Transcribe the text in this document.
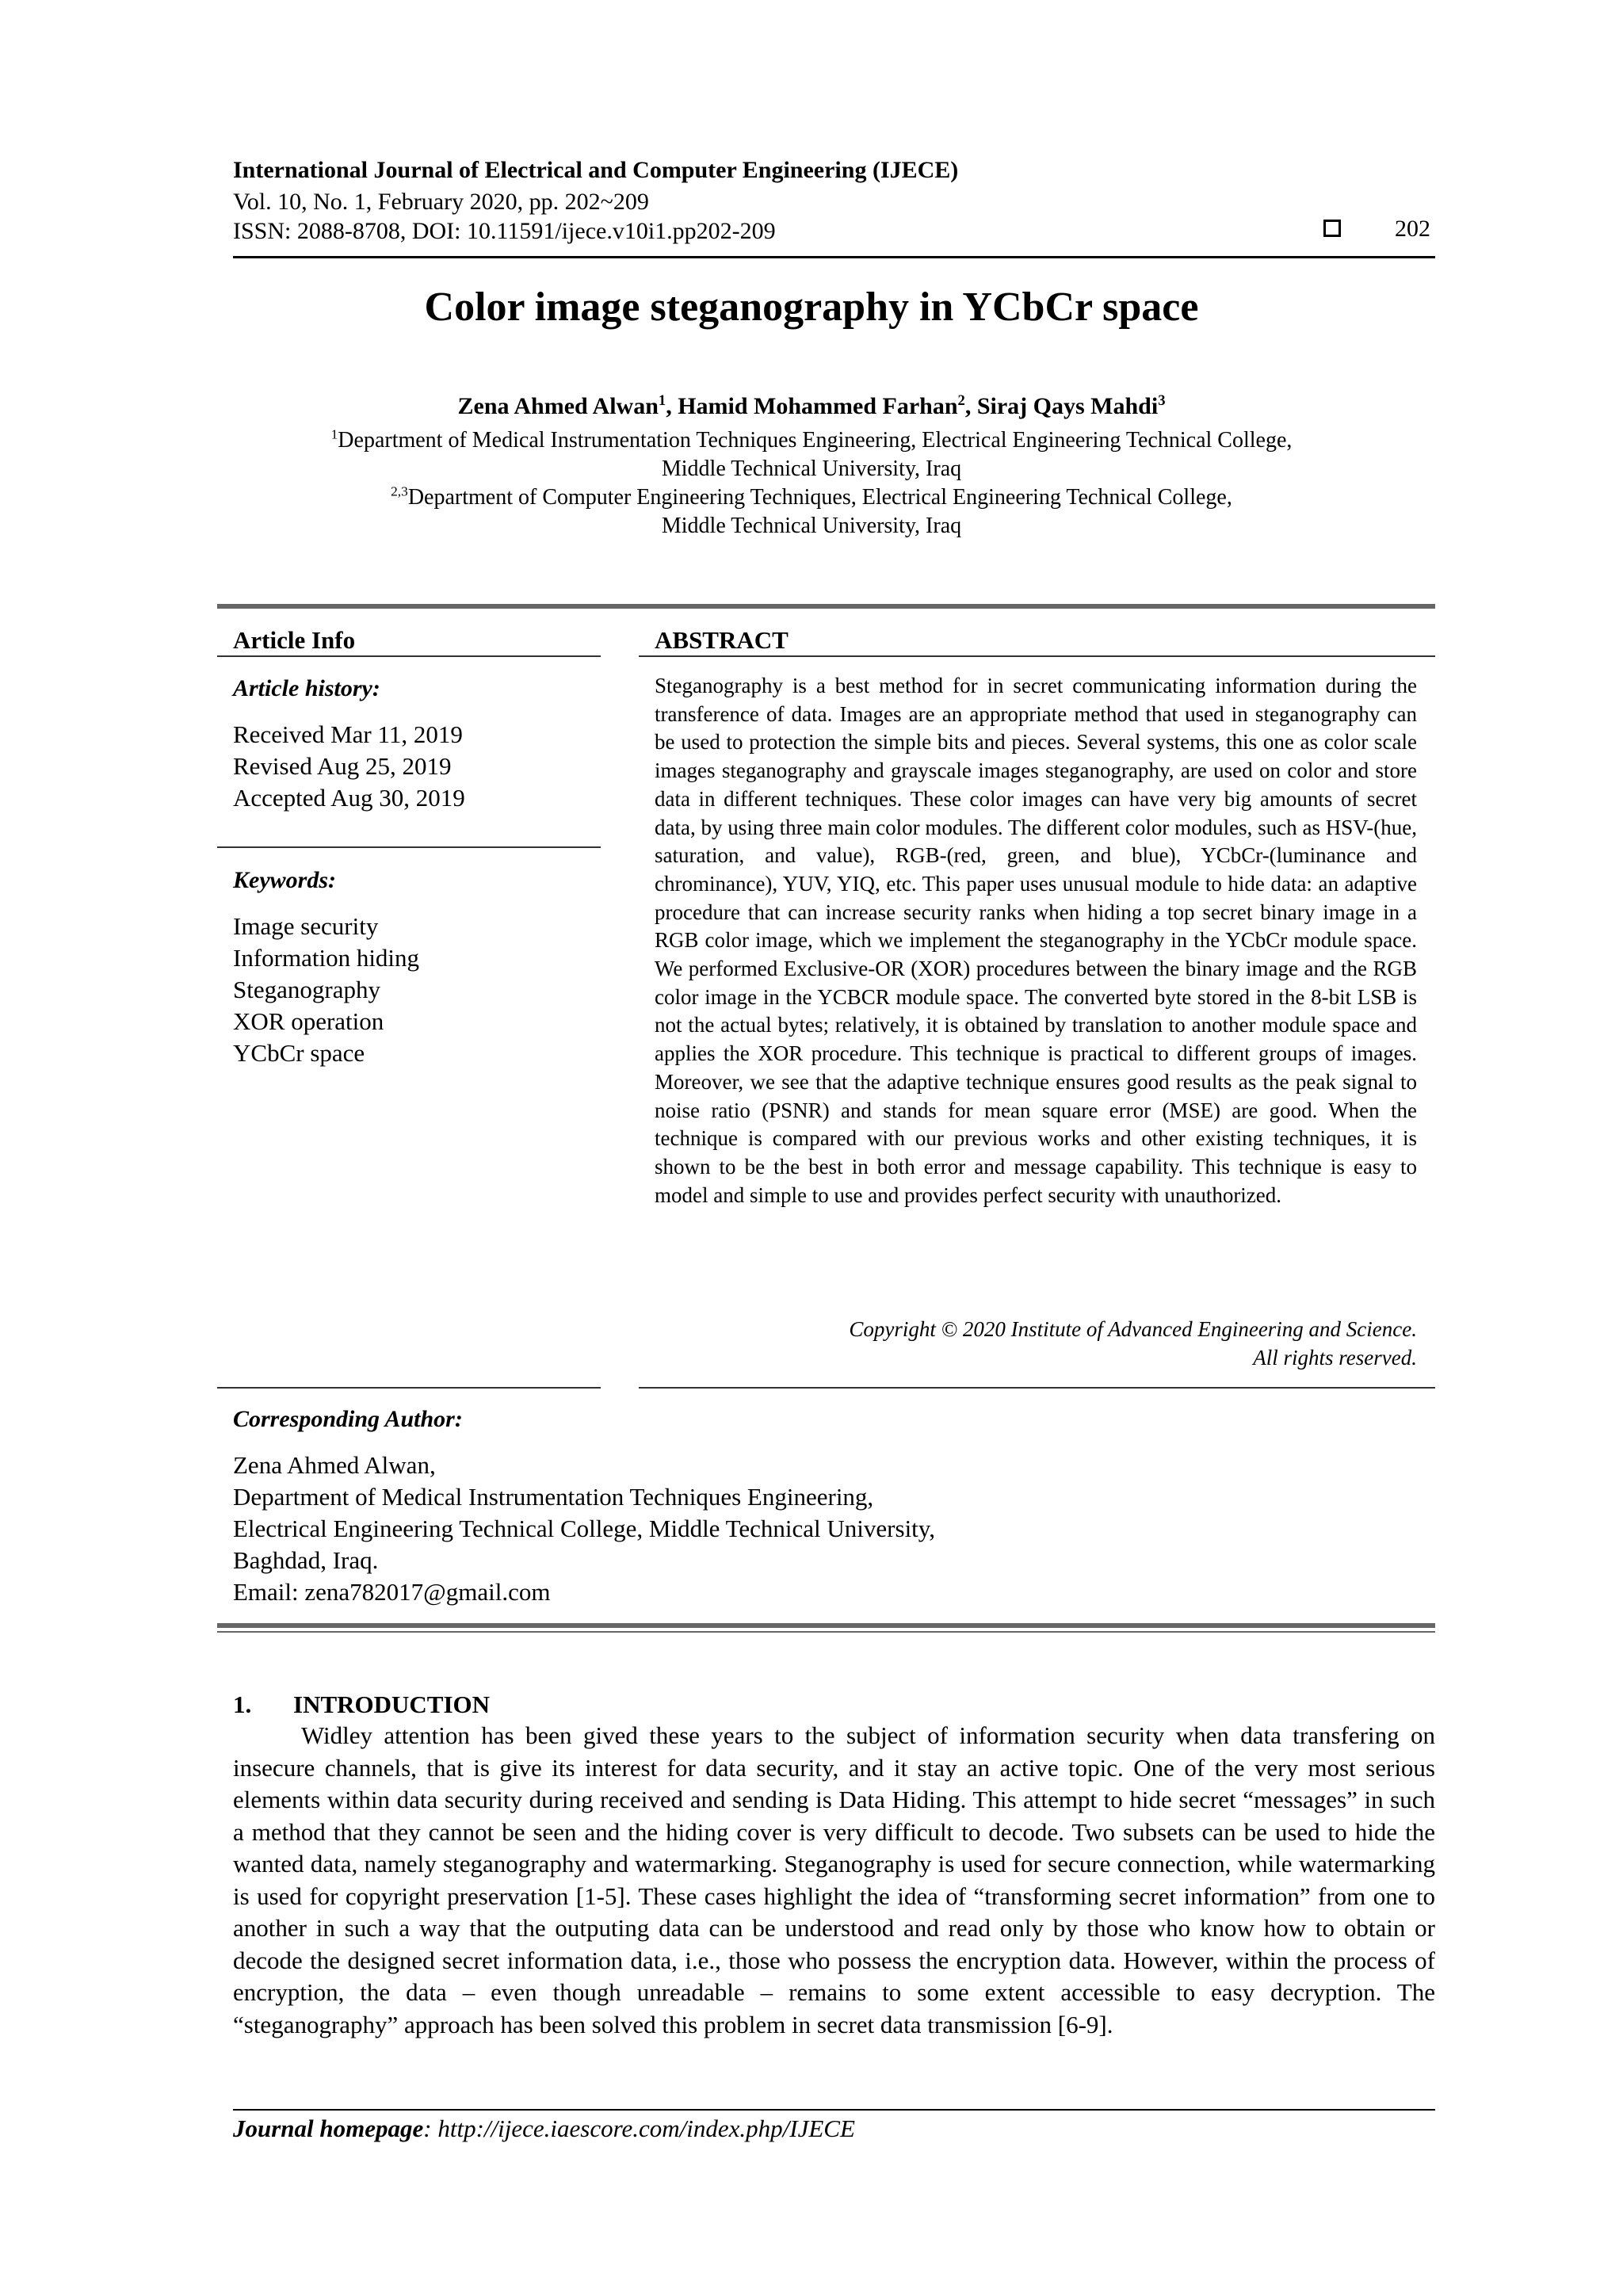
International Journal of Electrical and Computer Engineering (IJECE)
Vol. 10, No. 1, February 2020, pp. 202~209
ISSN: 2088-8708, DOI: 10.11591/ijece.v10i1.pp202-209	202
Color image steganography in YCbCr space
Zena Ahmed Alwan$^1$, Hamid Mohammed Farhan$^2$, Siraj Qays Mahdi$^3$
$^1$Department of Medical Instrumentation Techniques Engineering, Electrical Engineering Technical College,
Middle Technical University, Iraq
$^{2,3}$Department of Computer Engineering Techniques, Electrical Engineering Technical College,
Middle Technical University, Iraq
Article Info
Article history:
Received Mar 11, 2019
Revised Aug 25, 2019
Accepted Aug 30, 2019
Keywords:
Image security
Information hiding
Steganography
XOR operation
YCbCr space
ABSTRACT
Steganography is a best method for in secret communicating information during the transference of data. Images are an appropriate method that used in steganography can be used to protection the simple bits and pieces. Several systems, this one as color scale images steganography and grayscale images steganography, are used on color and store data in different techniques. These color images can have very big amounts of secret data, by using three main color modules. The different color modules, such as HSV-(hue, saturation, and value), RGB-(red, green, and blue), YCbCr-(luminance and chrominance), YUV, YIQ, etc. This paper uses unusual module to hide data: an adaptive procedure that can increase security ranks when hiding a top secret binary image in a RGB color image, which we implement the steganography in the YCbCr module space. We performed Exclusive-OR (XOR) procedures between the binary image and the RGB color image in the YCBCR module space. The converted byte stored in the 8-bit LSB is not the actual bytes; relatively, it is obtained by translation to another module space and applies the XOR procedure. This technique is practical to different groups of images. Moreover, we see that the adaptive technique ensures good results as the peak signal to noise ratio (PSNR) and stands for mean square error (MSE) are good. When the technique is compared with our previous works and other existing techniques, it is shown to be the best in both error and message capability. This technique is easy to model and simple to use and provides perfect security with unauthorized.
Copyright © 2020 Institute of Advanced Engineering and Science.
All rights reserved.
Corresponding Author:
Zena Ahmed Alwan,
Department of Medical Instrumentation Techniques Engineering,
Electrical Engineering Technical College, Middle Technical University,
Baghdad, Iraq.
Email: zena782017@gmail.com
1. INTRODUCTION
Widley attention has been gived these years to the subject of information security when data transfering on insecure channels, that is give its interest for data security, and it stay an active topic. One of the very most serious elements within data security during received and sending is Data Hiding. This attempt to hide secret “messages” in such a method that they cannot be seen and the hiding cover is very difficult to decode. Two subsets can be used to hide the wanted data, namely steganography and watermarking. Steganography is used for secure connection, while watermarking is used for copyright preservation [1-5]. These cases highlight the idea of “transforming secret information” from one to another in such a way that the outputing data can be understood and read only by those who know how to obtain or decode the designed secret information data, i.e., those who possess the encryption data. However, within the process of encryption, the data – even though unreadable – remains to some extent accessible to easy decryption. The “steganography” approach has been solved this problem in secret data transmission [6-9].
Journal homepage: http://ijece.iaescore.com/index.php/IJECE
